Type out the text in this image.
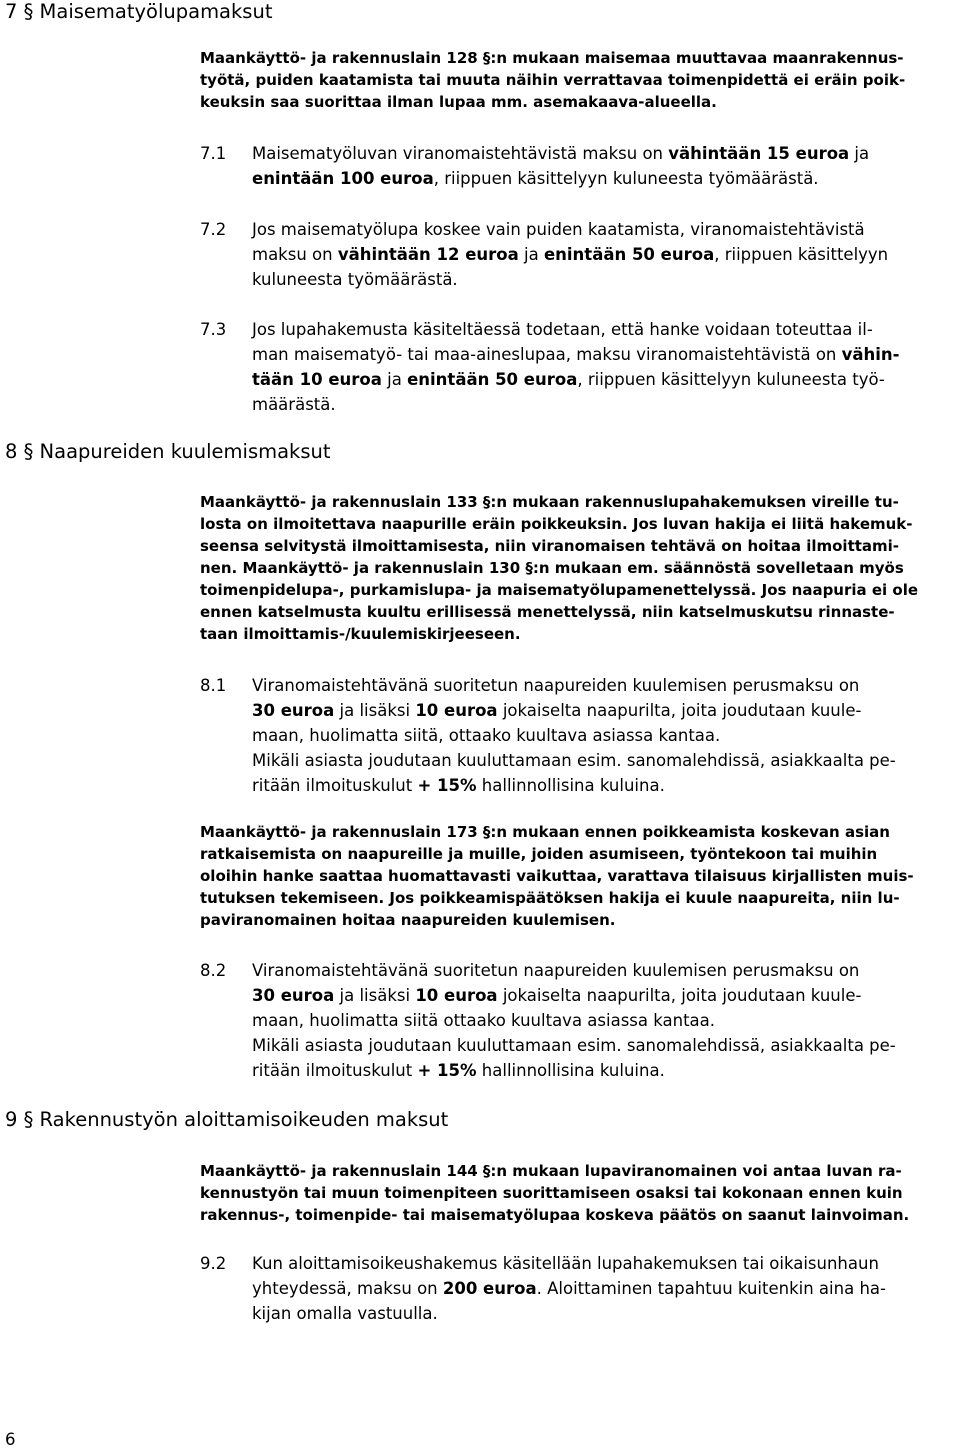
7 § Maisematyölupamaksut

Maankäyttö- ja rakennuslain 128 §:n mukaan maisemaa muuttavaa maanrakennus-
työtä, puiden kaatamista tai muuta näihin verrattavaa toimenpidettä ei eräin poik-
keuksin saa suorittaa ilman lupaa mm. asemakaava-alueella.

7.1 Maisematyöluvan viranomaistehtävistä maksu on vähintään 15 euroa ja
enintään 100 euroa, riippuen käsittelyyn kuluneesta työmäärästä.
7.2 Jos maisematyölupa koskee vain puiden kaatamista, viranomaistehtävistä
maksu on vähintään 12 euroa ja enintään 50 euroa, riippuen käsittelyyn
kuluneesta työmäärästä.
7.3 Jos lupahakemusta käsiteltäessä todetaan, että hanke voidaan toteuttaa il-
man maisematyö- tai maa-aineslupaa, maksu viranomaistehtävistä on vähin-
tään 10 euroa ja enintään 50 euroa, riippuen käsittelyyn kuluneesta työ-
määrästä.
8 § Naapureiden kuulemismaksut

Maankäyttö- ja rakennuslain 133 §:n mukaan rakennuslupahakemuksen vireille tu-
losta on ilmoitettava naapurille eräin poikkeuksin. Jos luvan hakija ei liitä hakemuk-
seensa selvitystä ilmoittamisesta, niin viranomaisen tehtävä on hoitaa ilmoittami-
nen. Maankäyttö- ja rakennuslain 130 §:n mukaan em. säännöstä sovelletaan myös
toimenpidelupa-, purkamislupa- ja maisematyölupamenettelyssä. Jos naapuria ei ole
ennen katselmusta kuultu erillisessä menettelyssä, niin katselmuskutsu rinnaste-
taan ilmoittamis-/kuulemiskirjeeseen.

8.1 Viranomaistehtävänä suoritetun naapureiden kuulemisen perusmaksu on
30 euroa ja lisäksi 10 euroa jokaiselta naapurilta, joita joudutaan kuule-
maan, huolimatta siitä, ottaako kuultava asiassa kantaa.
Mikäli asiasta joudutaan kuuluttamaan esim. sanomalehdissä, asiakkaalta pe-
ritään ilmoituskulut + 15% hallinnollisina kuluina.

Maankäyttö- ja rakennuslain 173 §:n mukaan ennen poikkeamista koskevan asian
ratkaisemista on naapureille ja muille, joiden asumiseen, työntekoon tai muihin
oloihin hanke saattaa huomattavasti vaikuttaa, varattava tilaisuus kirjallisten muis-
tutuksen tekemiseen. Jos poikkeamispäätöksen hakija ei kuule naapureita, niin lu-
paviranomainen hoitaa naapureiden kuulemisen.

8.2 Viranomaistehtävänä suoritetun naapureiden kuulemisen perusmaksu on
30 euroa ja lisäksi 10 euroa jokaiselta naapurilta, joita joudutaan kuule-
maan, huolimatta siitä ottaako kuultava asiassa kantaa.
Mikäli asiasta joudutaan kuuluttamaan esim. sanomalehdissä, asiakkaalta pe-
ritään ilmoituskulut + 15% hallinnollisina kuluina.
9 § Rakennustyön aloittamisoikeuden maksut

Maankäyttö- ja rakennuslain 144 §:n mukaan lupaviranomainen voi antaa luvan ra-
kennustyön tai muun toimenpiteen suorittamiseen osaksi tai kokonaan ennen kuin
rakennus-, toimenpide- tai maisematyölupaa koskeva päätös on saanut lainvoiman.

9.2 Kun aloittamisoikeushakemus käsitellään lupahakemuksen tai oikaisunhaun
yhteydessä, maksu on 200 euroa. Aloittaminen tapahtuu kuitenkin aina ha-
kijan omalla vastuulla.
6
